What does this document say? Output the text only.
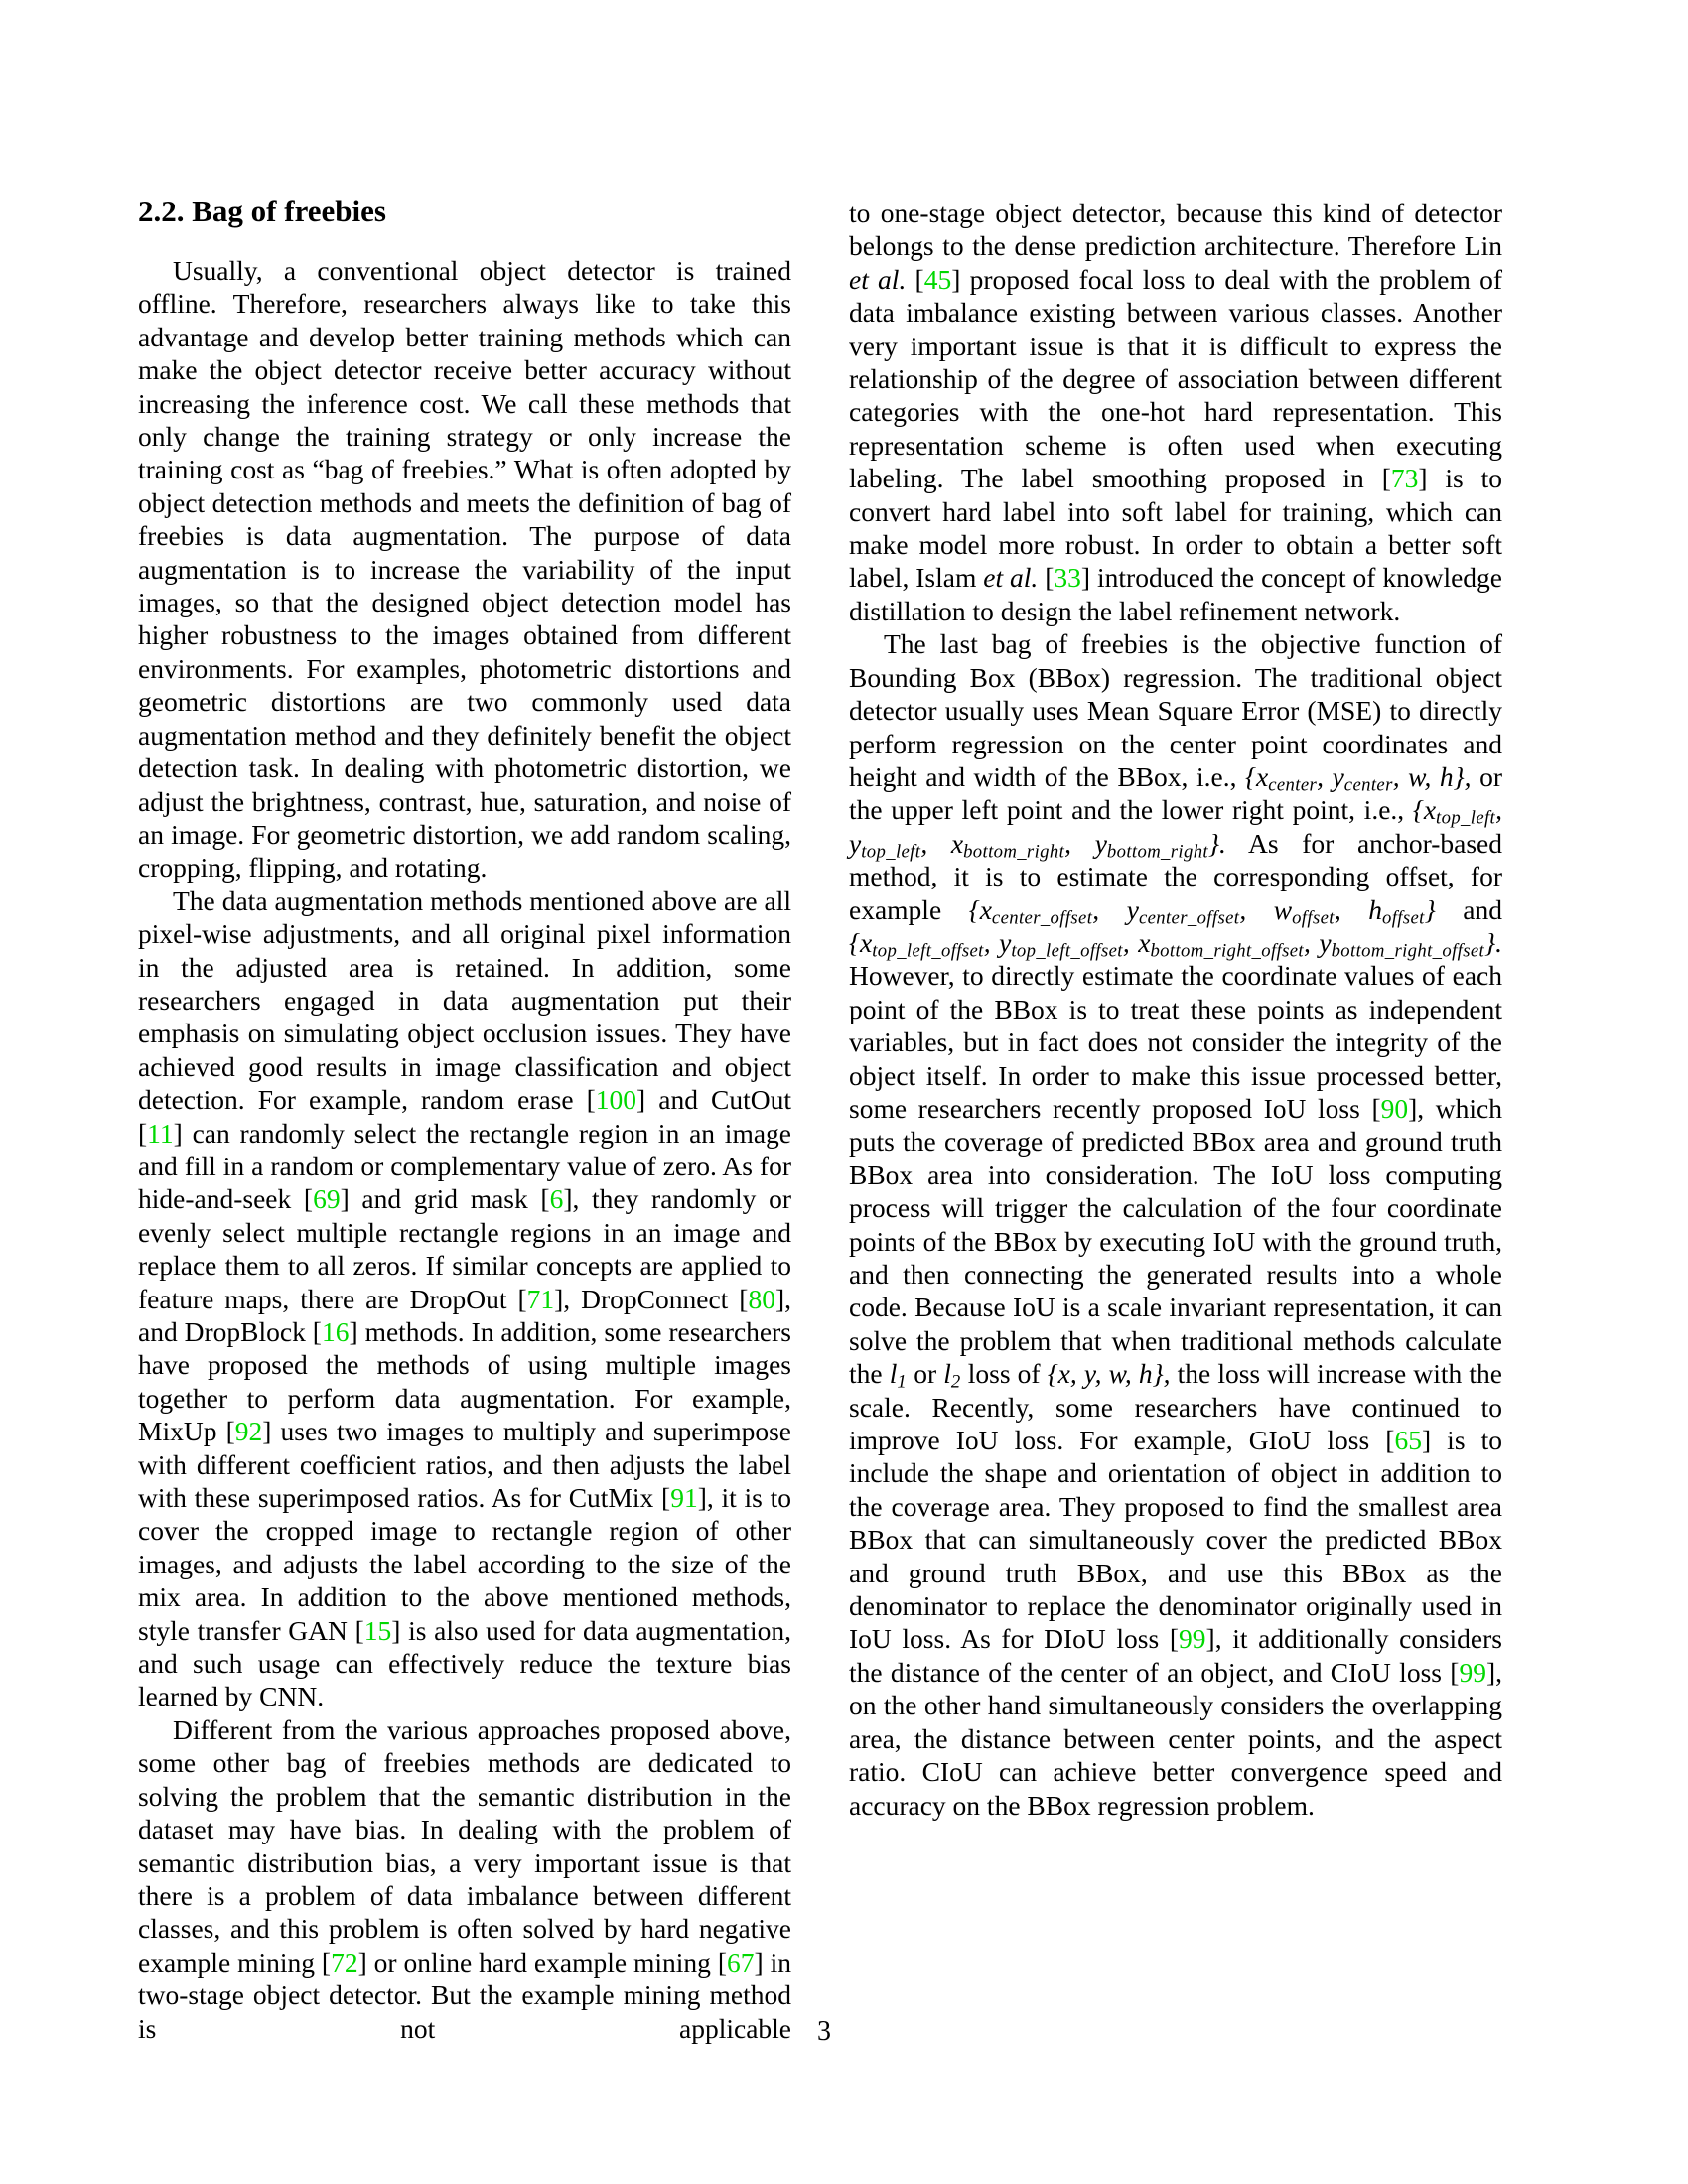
2.2. Bag of freebies

Usually, a conventional object detector is trained offline. Therefore, researchers always like to take this advantage and develop better training methods which can make the object detector receive better accuracy without increasing the inference cost. We call these methods that only change the training strategy or only increase the training cost as “bag of freebies.” What is often adopted by object detection methods and meets the definition of bag of freebies is data augmentation. The purpose of data augmentation is to increase the variability of the input images, so that the designed object detection model has higher robustness to the images obtained from different environments. For examples, photometric distortions and geometric distortions are two commonly used data augmentation method and they definitely benefit the object detection task. In dealing with photometric distortion, we adjust the brightness, contrast, hue, saturation, and noise of an image. For geometric distortion, we add random scaling, cropping, flipping, and rotating.

The data augmentation methods mentioned above are all pixel-wise adjustments, and all original pixel information in the adjusted area is retained. In addition, some researchers engaged in data augmentation put their emphasis on simulating object occlusion issues. They have achieved good results in image classification and object detection. For example, random erase [100] and CutOut [11] can randomly select the rectangle region in an image and fill in a random or complementary value of zero. As for hide-and-seek [69] and grid mask [6], they randomly or evenly select multiple rectangle regions in an image and replace them to all zeros. If similar concepts are applied to feature maps, there are DropOut [71], DropConnect [80], and DropBlock [16] methods. In addition, some researchers have proposed the methods of using multiple images together to perform data augmentation. For example, MixUp [92] uses two images to multiply and superimpose with different coefficient ratios, and then adjusts the label with these superimposed ratios. As for CutMix [91], it is to cover the cropped image to rectangle region of other images, and adjusts the label according to the size of the mix area. In addition to the above mentioned methods, style transfer GAN [15] is also used for data augmentation, and such usage can effectively reduce the texture bias learned by CNN.

Different from the various approaches proposed above, some other bag of freebies methods are dedicated to solving the problem that the semantic distribution in the dataset may have bias. In dealing with the problem of semantic distribution bias, a very important issue is that there is a problem of data imbalance between different classes, and this problem is often solved by hard negative example mining [72] or online hard example mining [67] in two-stage object detector. But the example mining method is not applicable

to one-stage object detector, because this kind of detector belongs to the dense prediction architecture. Therefore Lin et al. [45] proposed focal loss to deal with the problem of data imbalance existing between various classes. Another very important issue is that it is difficult to express the relationship of the degree of association between different categories with the one-hot hard representation. This representation scheme is often used when executing labeling. The label smoothing proposed in [73] is to convert hard label into soft label for training, which can make model more robust. In order to obtain a better soft label, Islam et al. [33] introduced the concept of knowledge distillation to design the label refinement network.

The last bag of freebies is the objective function of Bounding Box (BBox) regression. The traditional object detector usually uses Mean Square Error (MSE) to directly perform regression on the center point coordinates and height and width of the BBox, i.e., {$x_{center}$, $y_{center}$, w, h}, or the upper left point and the lower right point, i.e., {$x_{top\_left}$, $y_{top\_left}$, $x_{bottom\_right}$, $y_{bottom\_right}$}. As for anchor-based method, it is to estimate the corresponding offset, for example {$x_{center\_offset}$, $y_{center\_offset}$, $w_{offset}$, $h_{offset}$} and {$x_{top\_left\_offset}$, $y_{top\_left\_offset}$, $x_{bottom\_right\_offset}$, $y_{bottom\_right\_offset}$}. However, to directly estimate the coordinate values of each point of the BBox is to treat these points as independent variables, but in fact does not consider the integrity of the object itself. In order to make this issue processed better, some researchers recently proposed IoU loss [90], which puts the coverage of predicted BBox area and ground truth BBox area into consideration. The IoU loss computing process will trigger the calculation of the four coordinate points of the BBox by executing IoU with the ground truth, and then connecting the generated results into a whole code. Because IoU is a scale invariant representation, it can solve the problem that when traditional methods calculate the $l_1$ or $l_2$ loss of {x, y, w, h}, the loss will increase with the scale. Recently, some researchers have continued to improve IoU loss. For example, GIoU loss [65] is to include the shape and orientation of object in addition to the coverage area. They proposed to find the smallest area BBox that can simultaneously cover the predicted BBox and ground truth BBox, and use this BBox as the denominator to replace the denominator originally used in IoU loss. As for DIoU loss [99], it additionally considers the distance of the center of an object, and CIoU loss [99], on the other hand simultaneously considers the overlapping area, the distance between center points, and the aspect ratio. CIoU can achieve better convergence speed and accuracy on the BBox regression problem.

3
